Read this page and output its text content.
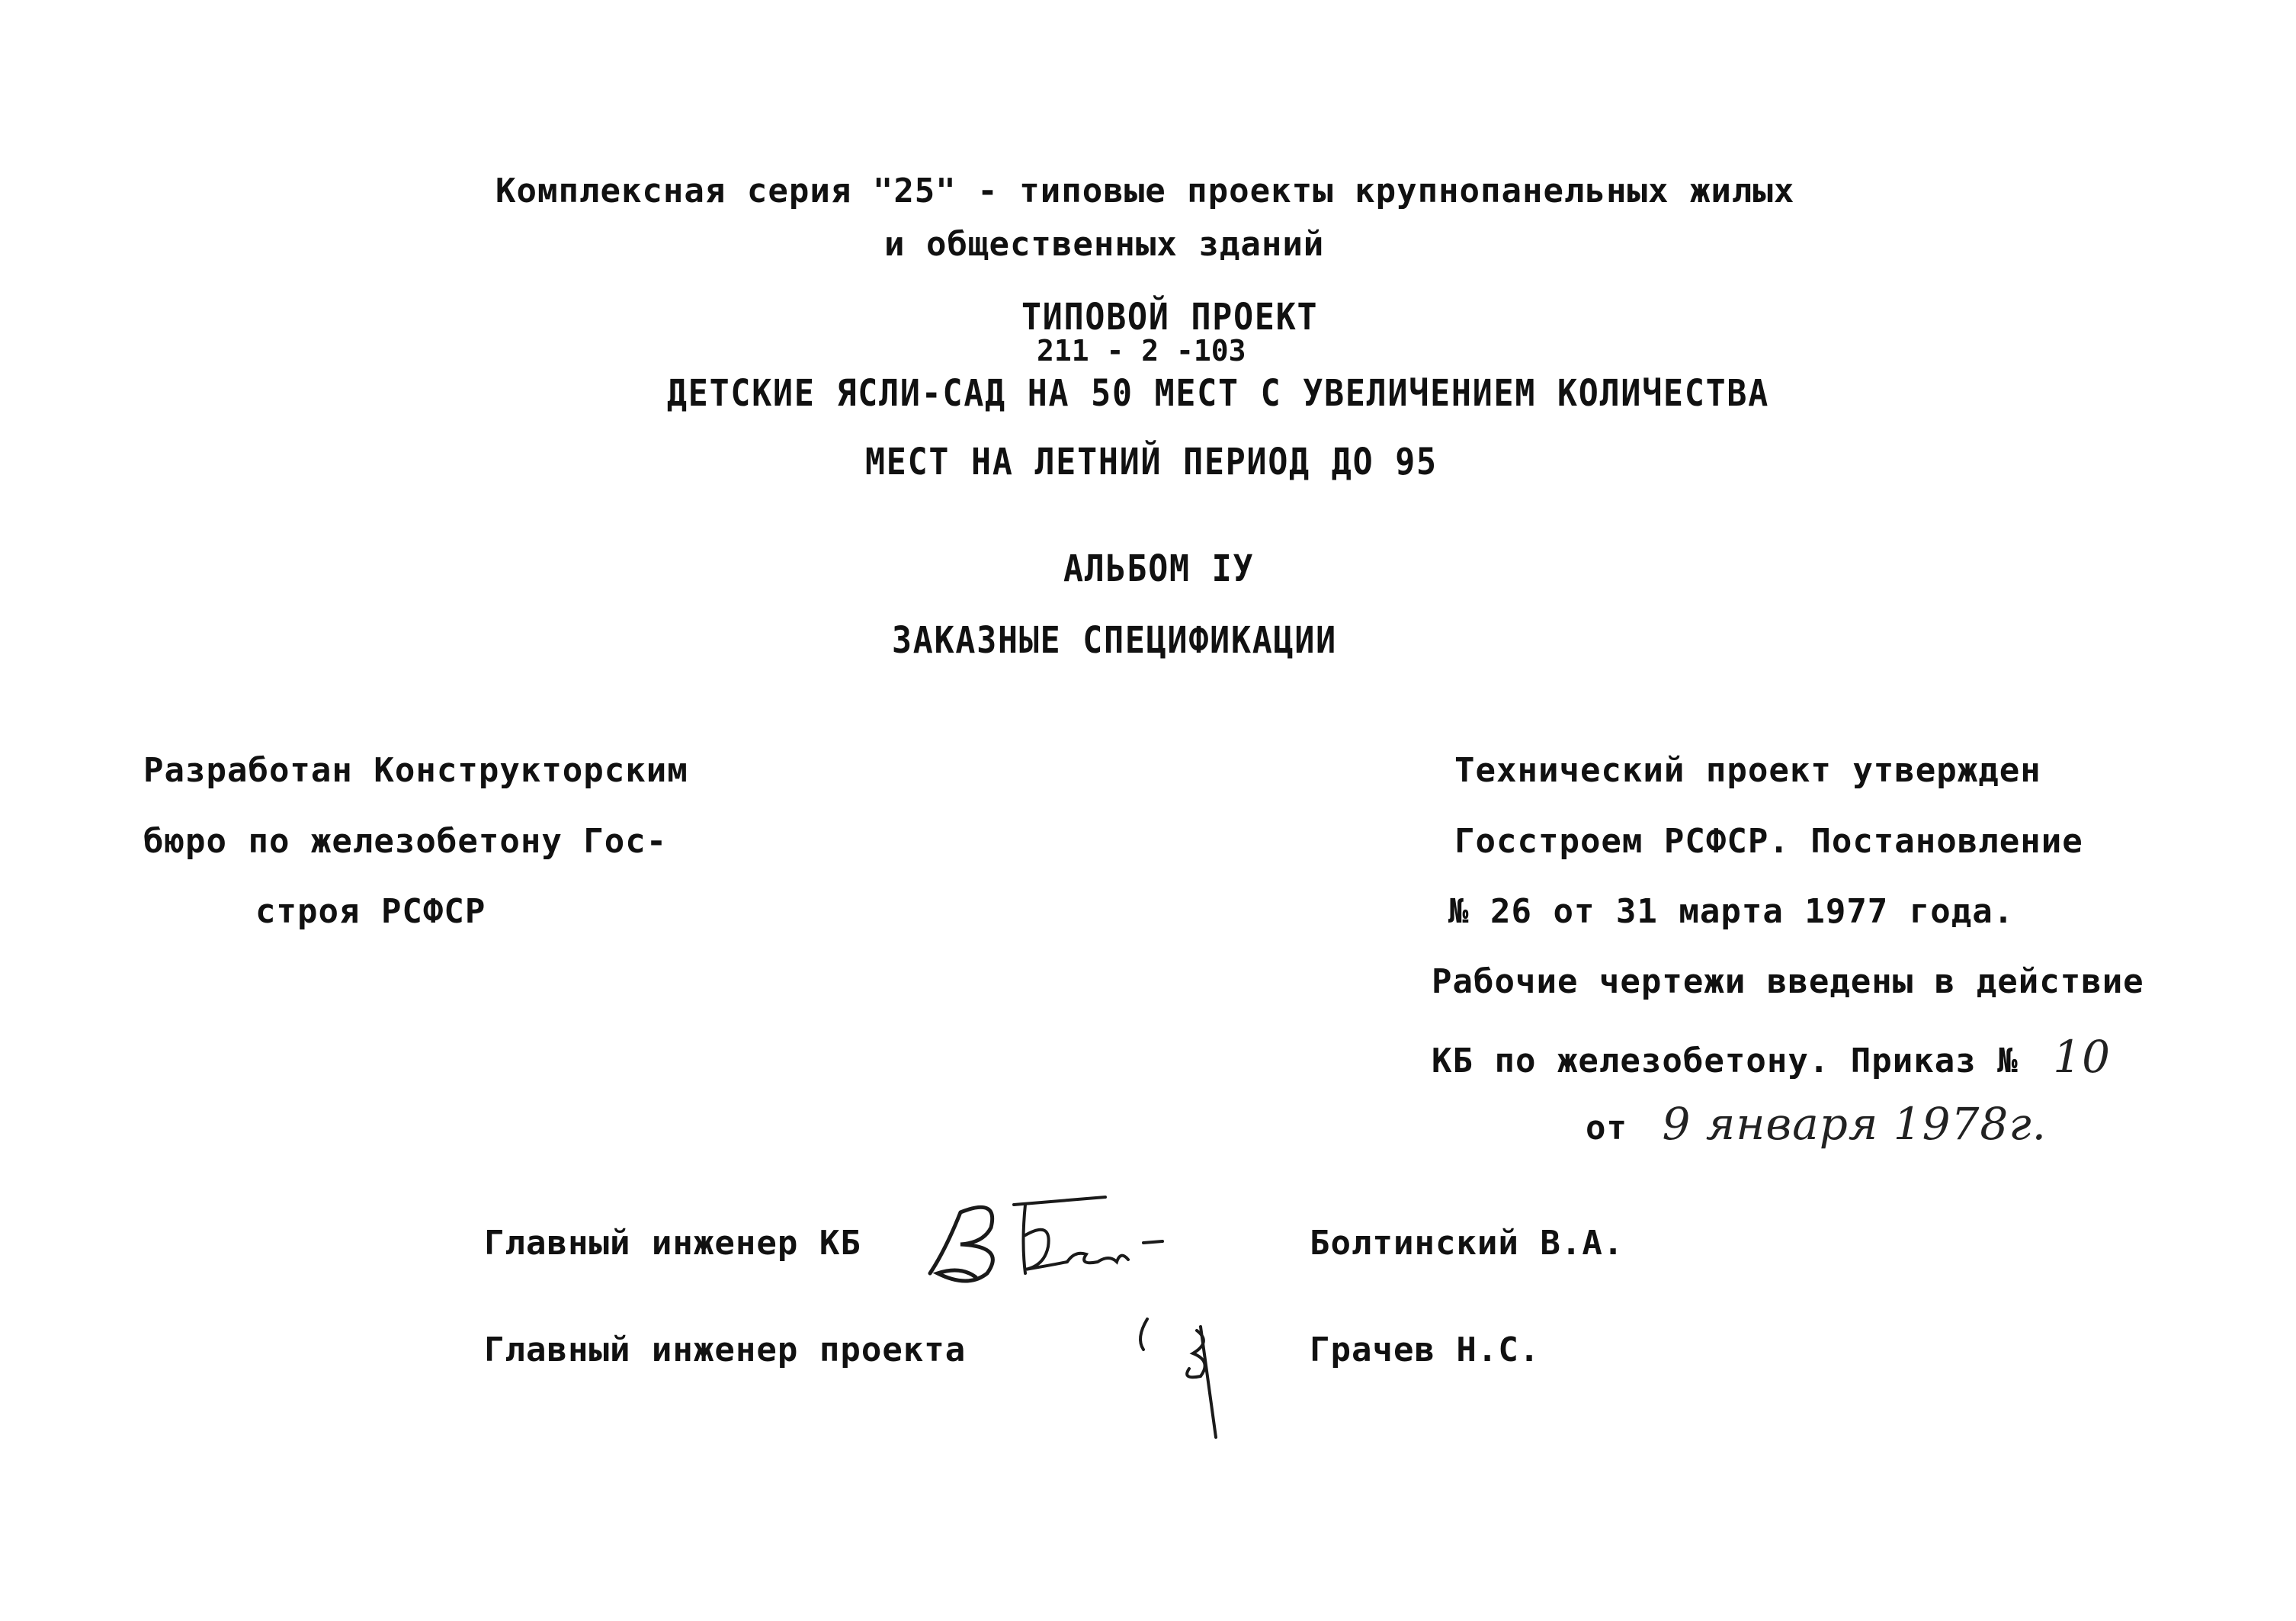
Комплексная серия "25" - типовые проекты крупнопанельных жилых
и общественных зданий
ТИПОВОЙ ПРОЕКТ
211 - 2 -103
ДЕТСКИЕ ЯСЛИ-САД НА 50 МЕСТ С УВЕЛИЧЕНИЕМ КОЛИЧЕСТВА
МЕСТ НА ЛЕТНИЙ ПЕРИОД ДО 95
АЛЬБОМ IУ
ЗАКАЗНЫЕ СПЕЦИФИКАЦИИ
Разработан Конструкторским
бюро по железобетону Гос-
строя РСФСР
Технический проект утвержден
Госстроем РСФСР. Постановление
№ 26 от 31 марта 1977 года.
Рабочие чертежи введены в действие
КБ по железобетону. Приказ № 10
от 9 января 1978г.
Главный инженер КБ	Болтинский В.А.
Главный инженер проекта	Грачев Н.С.
